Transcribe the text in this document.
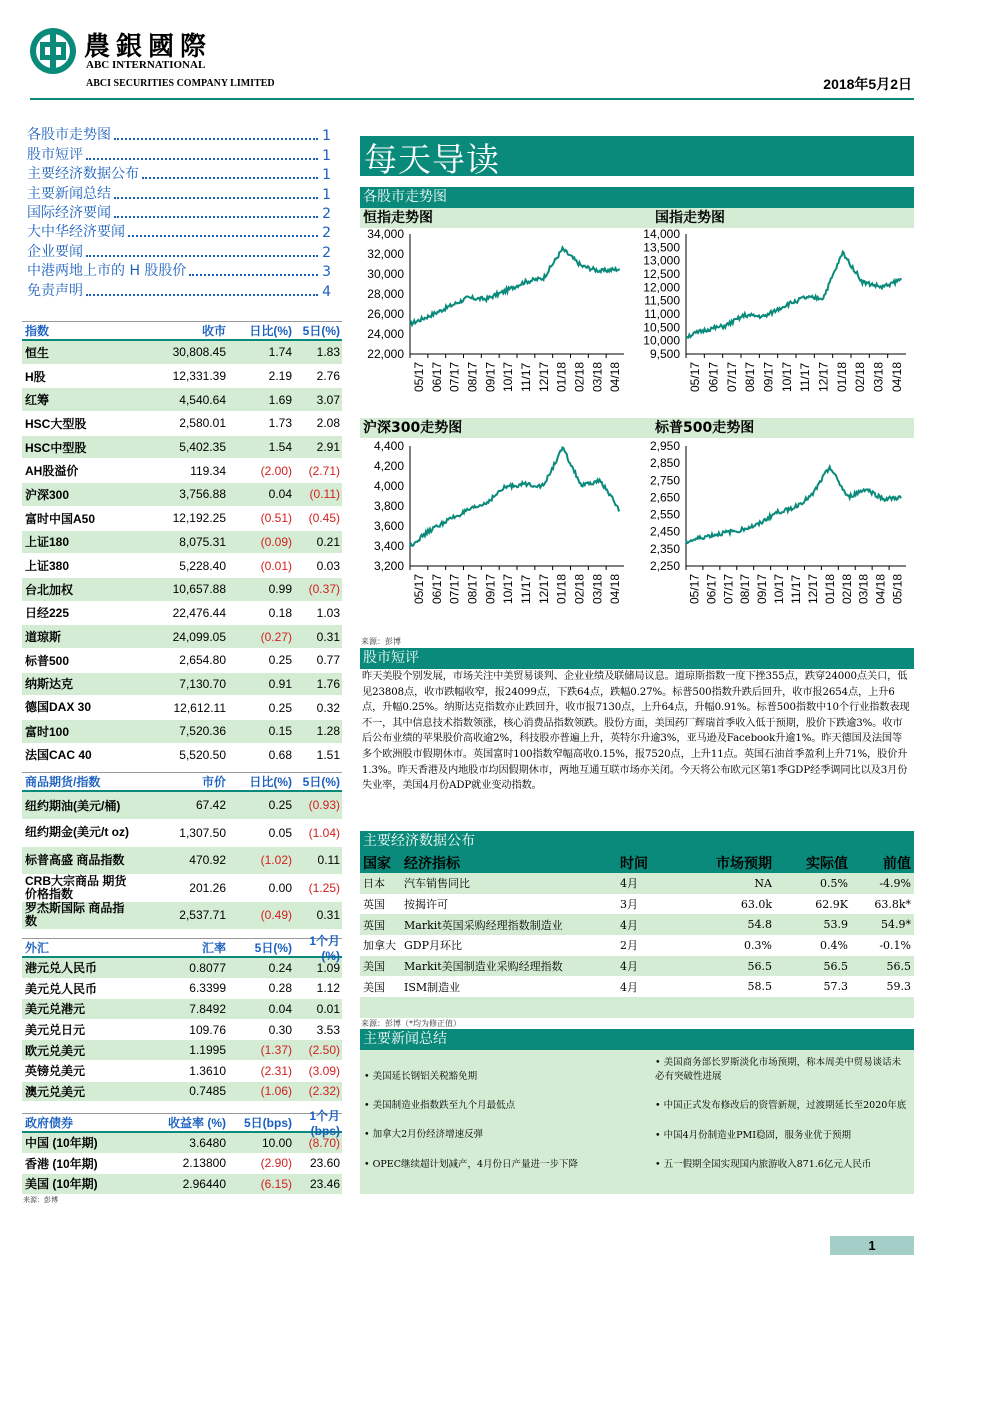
農銀國際
ABC INTERNATIONAL
ABCI SECURITIES COMPANY LIMITED	2018年5月2日
各股市走势图	1
股市短评	1
主要经济数据公布	1
主要新闻总结	1
国际经济要闻	2
大中华经济要闻	2
企业要闻	2
中港两地上市的 H 股股价	3
免责声明	4
指数	收市	日比(%) 5日(%)
恒生	30,808.45	1.74	1.83
H股	12,331.39	2.19	2.76
红筹	4,540.64	1.69	3.07
HSC大型股	2,580.01	1.73	2.08
HSC中型股	5,402.35	1.54	2.91
AH股溢价	119.34	(2.00)	(2.71)
沪深300	3,756.88	0.04	(0.11)
富时中国A50	12,192.25	(0.51)	(0.45)
上证180	8,075.31	(0.09)	0.21
上证380	5,228.40	(0.01)	0.03
台北加权	10,657.88	0.99	(0.37)
日经225	22,476.44	0.18	1.03
道琼斯	24,099.05	(0.27)	0.31
标普500	2,654.80	0.25	0.77
纳斯达克	7,130.70	0.91	1.76
德国DAX 30	12,612.11	0.25	0.32
富时100	7,520.36	0.15	1.28
法国CAC 40	5,520.50	0.68	1.51
商品期货/指数	市价	日比(%) 5日(%)
纽约期油(美元/桶)	67.42	0.25	(0.93)
纽约期金(美元/t oz)	1,307.50	0.05	(1.04)
标普高盛 商品指数	470.92	(1.02)	0.11
CRB大宗商品 期货价格指数	201.26	0.00	(1.25)
罗杰斯国际 商品指数	2,537.71	(0.49)	0.31
外汇	汇率	5日(%)	1个月(%)
港元兑人民币	0.8077	0.24	1.09
美元兑人民币	6.3399	0.28	1.12
美元兑港元	7.8492	0.04	0.01
美元兑日元	109.76	0.30	3.53
欧元兑美元	1.1995	(1.37)	(2.50)
英镑兑美元	1.3610	(2.31)	(3.09)
澳元兑美元	0.7485	(1.06)	(2.32)
政府债券	收益率 (%)	5日(bps)	1个月(bps)
中国 (10年期)	3.6480	10.00	(8.70)
香港 (10年期)	2.13800	(2.90)	23.60
美国 (10年期)	2.96440	(6.15)	23.46
来源：彭博
每天导读
各股市走势图
恒指走势图	国指走势图
34,000
32,000
30,000
28,000
26,000
24,000
22,000
05/17 06/17 07/17 08/17 09/17 10/17 11/17 12/17 01/18 02/18 03/18 04/18
14,000
13,500
13,000
12,500
12,000
11,500
11,000
10,500
10,000
9,500
05/17 06/17 07/17 08/17 09/17 10/17 11/17 12/17 01/18 02/18 03/18 04/18
沪深300走势图	标普500走势图
4,400
4,200
4,000
3,800
3,600
3,400
3,200
05/17 06/17 07/17 08/17 09/17 10/17 11/17 12/17 01/18 02/18 03/18 04/18
2,950
2,850
2,750
2,650
2,550
2,450
2,350
2,250
05/17 06/17 07/17 08/17 09/17 10/17 11/17 12/17 01/18 02/18 03/18 04/18 05/18
来源：彭博
股市短评
昨天美股个别发展，市场关注中美贸易谈判、企业业绩及联储局议息。道琼斯指数一度下挫355点，跌穿24000点关口，低见23808点，收市跌幅收窄，报24099点，下跌64点，跌幅0.27%。标普500指数升跌后回升，收市报2654点，上升6点，升幅0.25%。纳斯达克指数亦止跌回升，收市报7130点，上升64点，升幅0.91%。标普500指数中10个行业指数表现不一，其中信息技术指数领涨，核心消费品指数领跌。股份方面，美国药厂辉瑞首季收入低于预期，股价下跌逾3%。收市后公布业绩的苹果股价高收逾2%，科技股亦普遍上升，英特尔升逾3%，亚马逊及Facebook升逾1%。昨天德国及法国等多个欧洲股市假期休市。英国富时100指数窄幅高收0.15%，报7520点，上升11点。英国石油首季盈利上升71%，股价升1.3%。昨天香港及内地股市均因假期休市，两地互通互联市场亦关闭。今天将公布欧元区第1季GDP经季调同比以及3月份失业率，美国4月份ADP就业变动指数。
主要经济数据公布
国家 经济指标	时间	市场预期	实际值	前值
日本	汽车销售同比	4月	NA	0.5%	-4.9%
英国	按揭许可	3月	63.0k	62.9K	63.8k*
英国	Markit英国采购经理指数制造业	4月	54.8	53.9	54.9*
加拿大 GDP月环比	2月	0.3%	0.4%	-0.1%
美国	Markit美国制造业采购经理指数	4月	56.5	56.5	56.5
美国	ISM制造业	4月	58.5	57.3	59.3
来源：彭博（*均为修正值）
主要新闻总结
• 美国延长钢铝关税豁免期
• 美国制造业指数跌至九个月最低点
• 加拿大2月份经济增速反弹
• OPEC继续超计划减产，4月份日产量进一步下降
• 美国商务部长罗斯淡化市场预期，称本周美中贸易谈话未必有突破性进展
• 中国正式发布修改后的资管新规，过渡期延长至2020年底
• 中国4月份制造业PMI稳固，服务业优于预期
• 五一假期全国实现国内旅游收入871.6亿元人民币
1
